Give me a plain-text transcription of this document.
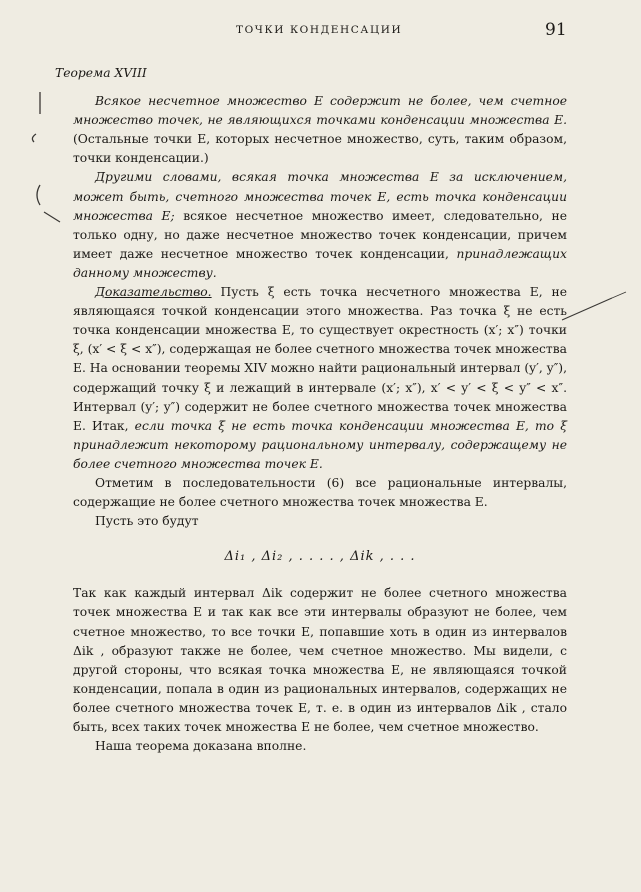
ТОЧКИ КОНДЕНСАЦИИ	91

Теорема XVIII

Всякое несчетное множество E содержит не более, чем счетное множество точек, не являющихся точками конденсации множества E. (Остальные точки E, которых несчетное множество, суть, таким образом, точки конденсации.)

Другими словами, всякая точка множества E за исключением, может быть, счетного множества точек E, есть точка конденсации множества E; всякое несчетное множество имеет, следовательно, не только одну, но даже несчетное множество точек конденсации, причем имеет даже несчетное множество точек конденсации, принадлежащих данному множеству.

Доказательство. Пусть ξ есть точка несчетного множества E, не являющаяся точкой конденсации этого множества. Раз точка ξ не есть точка конденсации множества E, то существует окрестность (x′; x″) точки ξ, (x′ < ξ < x″), содержащая не более счетного множества точек множества E. На основании теоремы XIV можно найти рациональный интервал (y′, y″), содержащий точку ξ и лежащий в интервале (x′; x″), x′ < y′ < ξ < y″ < x″. Интервал (y′; y″) содержит не более счетного множества точек множества E. Итак, если точка ξ не есть точка конденсации множества E, то ξ принадлежит некоторому рациональному интервалу, содержащему не более счетного множества точек E.

Отметим в последовательности (6) все рациональные интервалы, содержащие не более счетного множества точек множества E.

Пусть это будут

Δi₁ , Δi₂ , . . . . , Δik , . . .

Так как каждый интервал Δik содержит не более счетного множества точек множества E и так как все эти интервалы образуют не более, чем счетное множество, то все точки E, попавшие хоть в один из интервалов Δik , образуют также не более, чем счетное множество. Мы видели, с другой стороны, что всякая точка множества E, не являющаяся точкой конденсации, попала в один из рациональных интервалов, содержащих не более счетного множества точек E, т. е. в один из интервалов Δik , стало быть, всех таких точек множества E не более, чем счетное множество.

Наша теорема доказана вполне.
